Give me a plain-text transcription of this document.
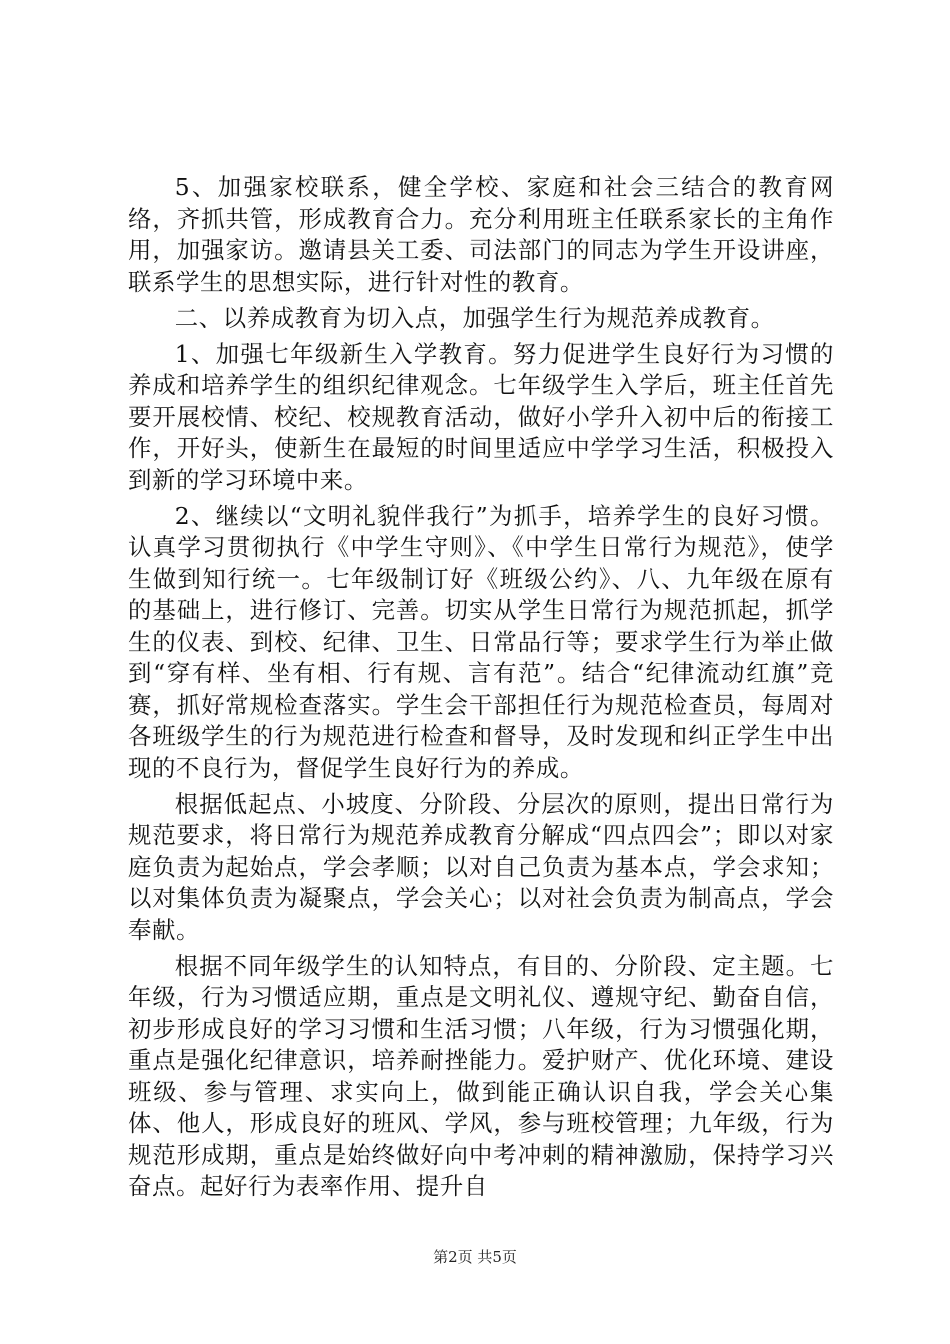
5、加强家校联系，健全学校、家庭和社会三结合的教育网络，齐抓共管，形成教育合力。充分利用班主任联系家长的主角作用，加强家访。邀请县关工委、司法部门的同志为学生开设讲座，联系学生的思想实际，进行针对性的教育。

二、以养成教育为切入点，加强学生行为规范养成教育。

1、加强七年级新生入学教育。努力促进学生良好行为习惯的养成和培养学生的组织纪律观念。七年级学生入学后，班主任首先要开展校情、校纪、校规教育活动，做好小学升入初中后的衔接工作，开好头，使新生在最短的时间里适应中学学习生活，积极投入到新的学习环境中来。

2、继续以“文明礼貌伴我行”为抓手，培养学生的良好习惯。认真学习贯彻执行《中学生守则》、《中学生日常行为规范》，使学生做到知行统一。七年级制订好《班级公约》、八、九年级在原有的基础上，进行修订、完善。切实从学生日常行为规范抓起，抓学生的仪表、到校、纪律、卫生、日常品行等；要求学生行为举止做到“穿有样、坐有相、行有规、言有范”。结合“纪律流动红旗”竞赛，抓好常规检查落实。学生会干部担任行为规范检查员，每周对各班级学生的行为规范进行检查和督导，及时发现和纠正学生中出现的不良行为，督促学生良好行为的养成。

根据低起点、小坡度、分阶段、分层次的原则，提出日常行为规范要求，将日常行为规范养成教育分解成“四点四会”；即以对家庭负责为起始点，学会孝顺；以对自己负责为基本点，学会求知；以对集体负责为凝聚点，学会关心；以对社会负责为制高点，学会奉献。

根据不同年级学生的认知特点，有目的、分阶段、定主题。七年级，行为习惯适应期，重点是文明礼仪、遵规守纪、勤奋自信，初步形成良好的学习习惯和生活习惯；八年级，行为习惯强化期，重点是强化纪律意识，培养耐挫能力。爱护财产、优化环境、建设班级、参与管理、求实向上，做到能正确认识自我，学会关心集体、他人，形成良好的班风、学风，参与班校管理；九年级，行为规范形成期，重点是始终做好向中考冲刺的精神激励，保持学习兴奋点。起好行为表率作用、提升自

第2页 共5页
